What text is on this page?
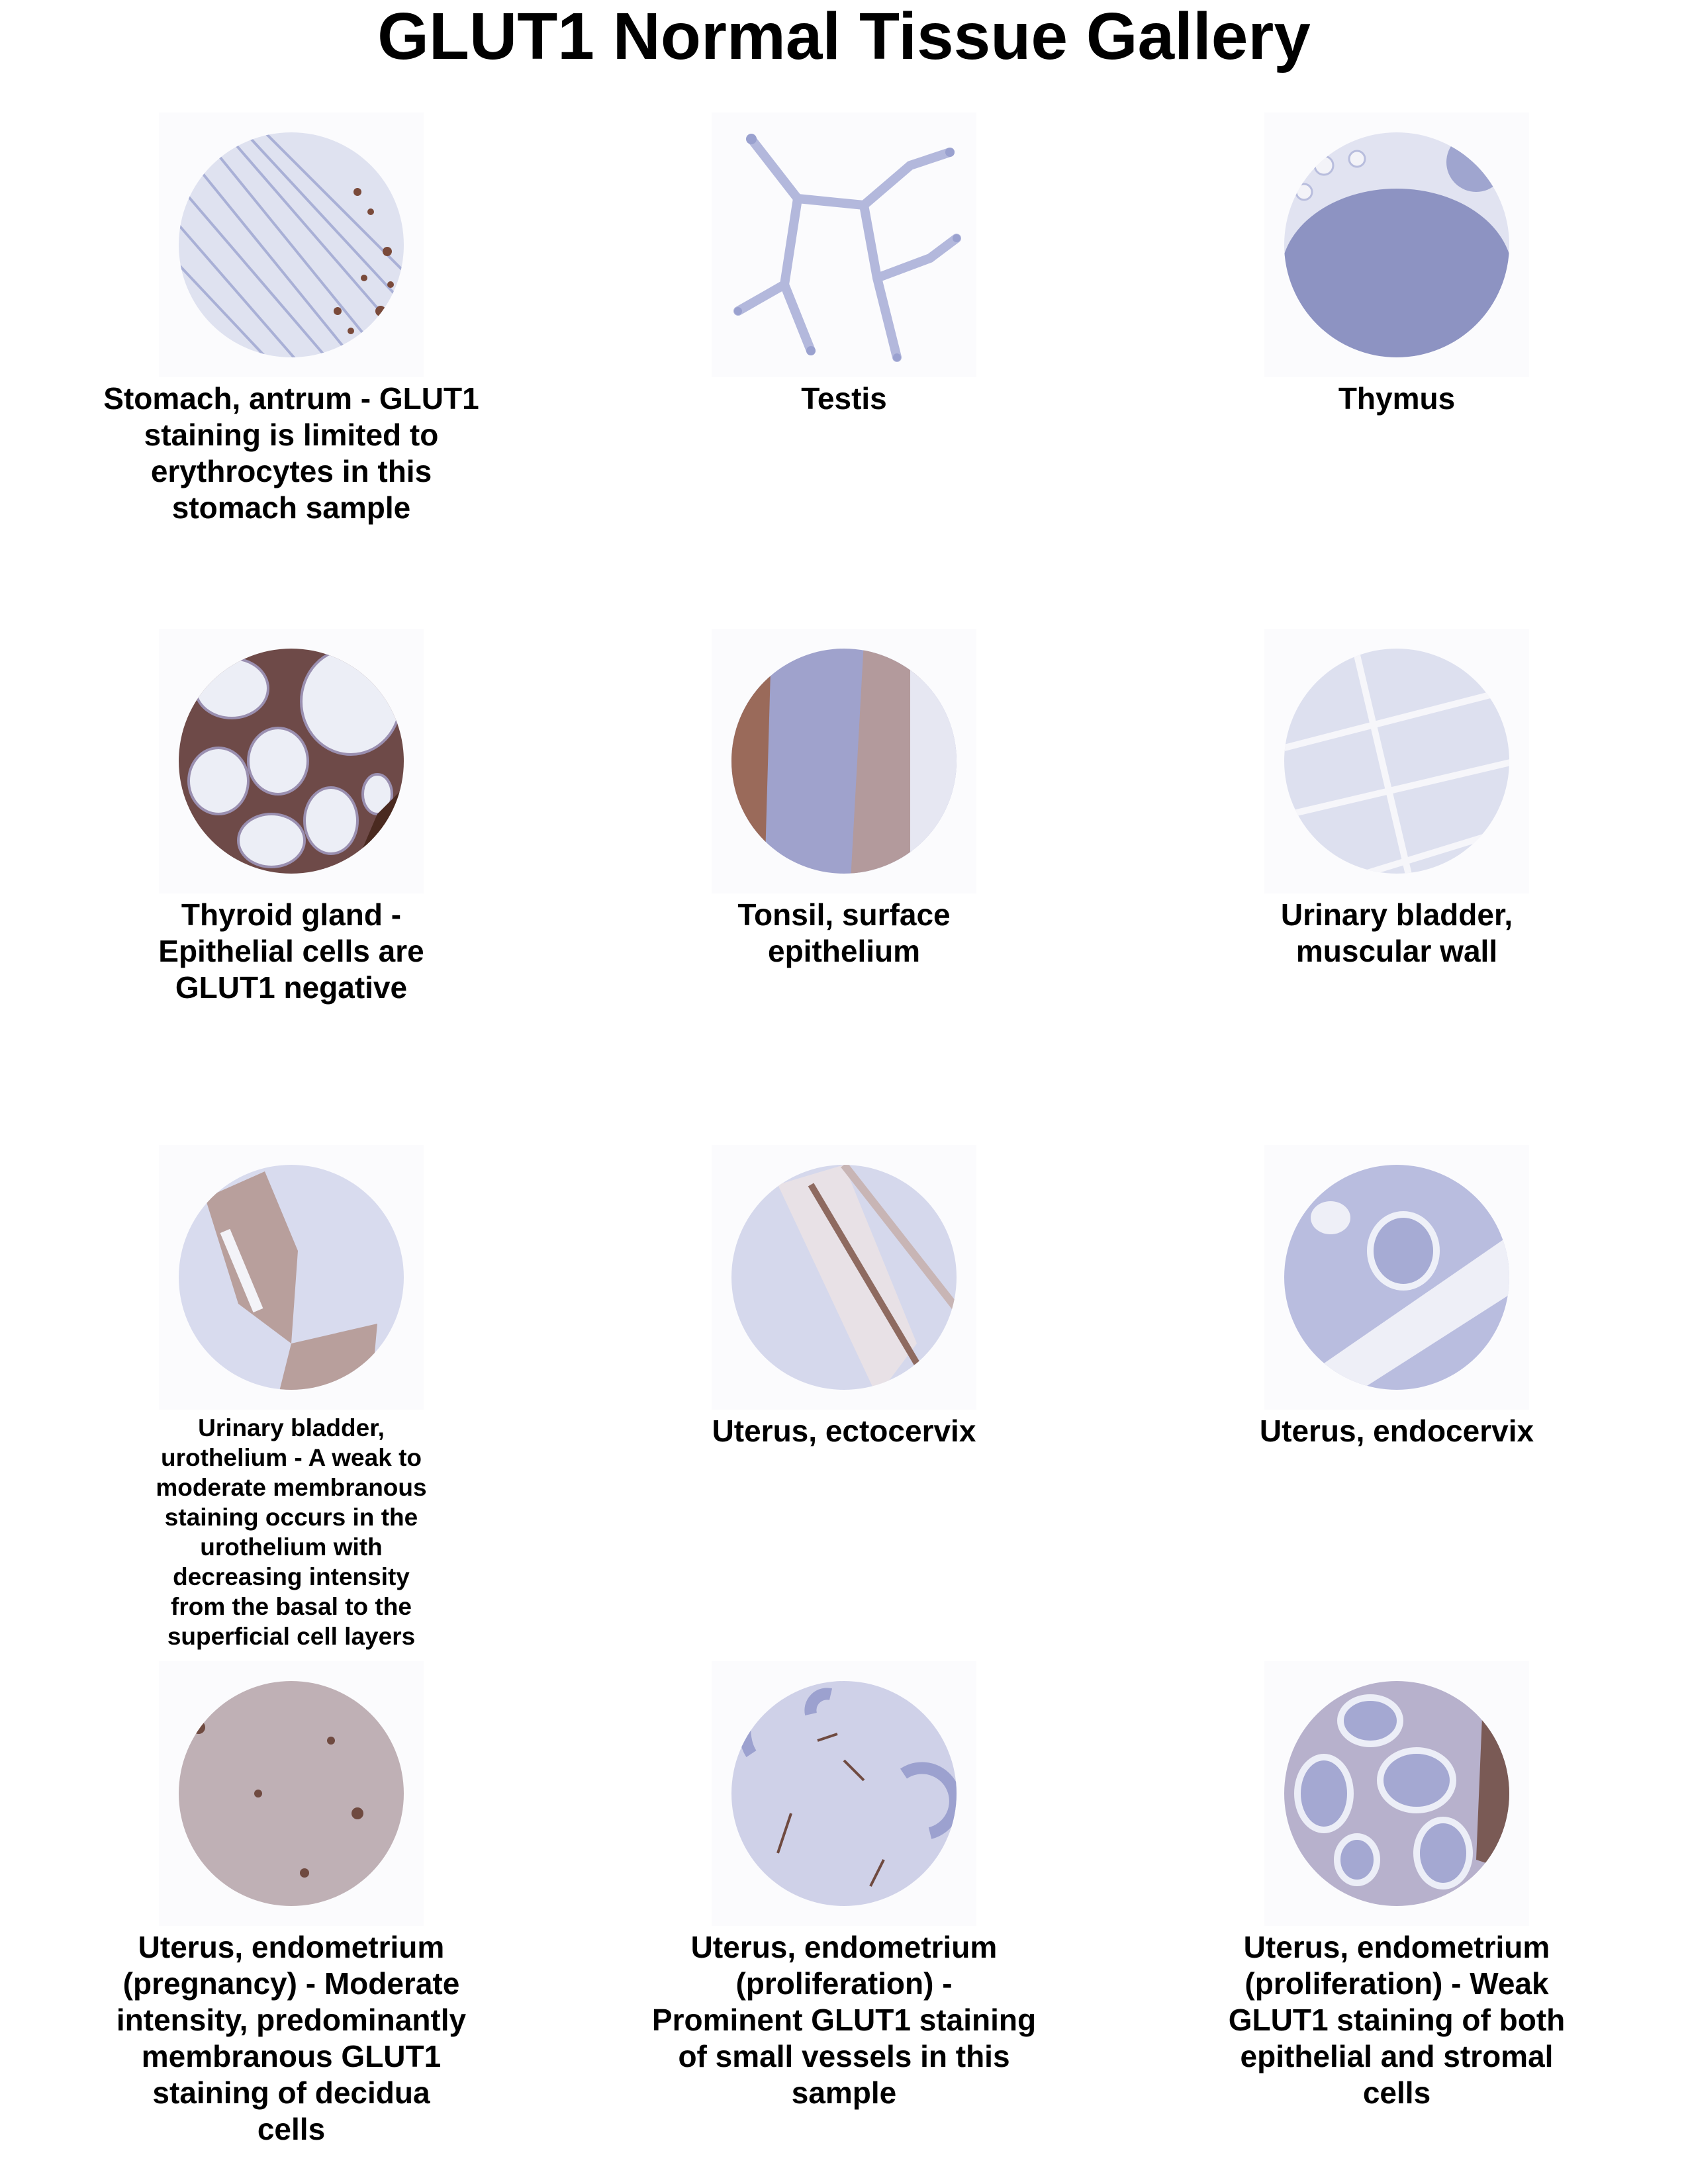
GLUT1 Normal Tissue Gallery
Stomach, antrum - GLUT1
staining is limited to
erythrocytes in this
stomach sample
Testis	Thymus
Thyroid gland -
Epithelial cells are
GLUT1 negative
Tonsil, surface
epithelium
Urinary bladder,
muscular wall
Urinary bladder,
urothelium - A weak to
moderate membranous
staining occurs in the
urothelium with
decreasing intensity
from the basal to the
superficial cell layers
Uterus, ectocervix	Uterus, endocervix
Uterus, endometrium
(pregnancy) - Moderate
intensity, predominantly
membranous GLUT1
staining of decidua
cells
Uterus, endometrium
(proliferation) -
Prominent GLUT1 staining
of small vessels in this
sample
Uterus, endometrium
(proliferation) - Weak
GLUT1 staining of both
epithelial and stromal
cells
